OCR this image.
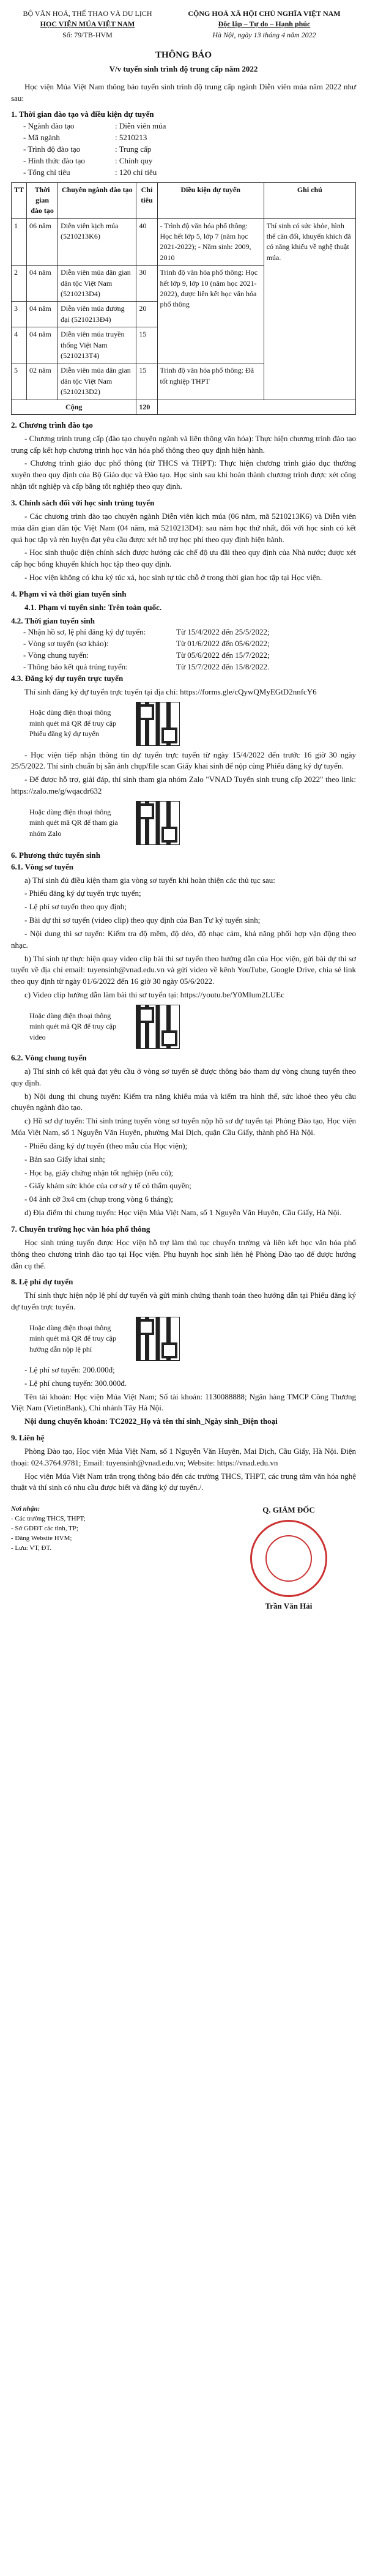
BỘ VĂN HOÁ, THỂ THAO VÀ DU LỊCH
HỌC VIỆN MÚA VIỆT NAM
Số: 79/TB-HVM
CỘNG HOÀ XÃ HỘI CHỦ NGHĨA VIỆT NAM
Độc lập – Tự do – Hạnh phúc
Hà Nội, ngày 13 tháng 4 năm 2022
THÔNG BÁO
V/v tuyển sinh trình độ trung cấp năm 2022

Học viện Múa Việt Nam thông báo tuyển sinh trình độ trung cấp ngành Diễn viên múa năm 2022 như sau:

1. Thời gian đào tạo và điều kiện dự tuyển
- Ngành đào tạo	: Diễn viên múa
- Mã ngành	: 5210213
- Trình độ đào tạo	: Trung cấp
- Hình thức đào tạo	: Chính quy
- Tổng chỉ tiêu	: 120 chỉ tiêu
TT	Thời gian đào tạo	Chuyên ngành đào tạo	Chỉ tiêu	Điều kiện dự tuyển	Ghi chú
1	06 năm	Diễn viên kịch múa (5210213K6)	40	- Trình độ văn hóa phổ thông: Học hết lớp 5, lớp 7 (năm học 2021-2022); - Năm sinh: 2009, 2010	Thí sinh có sức khỏe, hình thể cân đối, khuyến khích đã có năng khiếu về nghệ thuật múa.
2	04 năm	Diễn viên múa dân gian dân tộc Việt Nam (5210213D4)	30	Trình độ văn hóa phổ thông: Học hết lớp 9, lớp 10 (năm học 2021-2022), được liên kết học văn hóa phổ thông	
3	04 năm	Diễn viên múa đương đại (5210213Đ4)	20		
4	04 năm	Diễn viên múa truyền thống Việt Nam (5210213T4)	15		
5	02 năm	Diễn viên múa dân gian dân tộc Việt Nam (5210213D2)	15	Trình độ văn hóa phổ thông: Đã tốt nghiệp THPT	
Cộng			120		
2. Chương trình đào tạo

- Chương trình trung cấp (đào tạo chuyên ngành và liên thông văn hóa): Thực hiện chương trình đào tạo trung cấp kết hợp chương trình học văn hóa phổ thông theo quy định hiện hành.

- Chương trình giáo dục phổ thông (từ THCS và THPT): Thực hiện chương trình giáo dục thường xuyên theo quy định của Bộ Giáo dục và Đào tạo. Học sinh sau khi hoàn thành chương trình được xét công nhận tốt nghiệp và cấp bằng tốt nghiệp theo quy định.

3. Chính sách đối với học sinh trúng tuyển

- Các chương trình đào tạo chuyên ngành Diễn viên kịch múa (06 năm, mã 5210213K6) và Diễn viên múa dân gian dân tộc Việt Nam (04 năm, mã 5210213D4): sau năm học thứ nhất, đối với học sinh có kết quả học tập và rèn luyện đạt yêu cầu được xét hỗ trợ học phí theo quy định hiện hành.

- Học sinh thuộc diện chính sách được hưởng các chế độ ưu đãi theo quy định của Nhà nước; được xét cấp học bổng khuyến khích học tập theo quy định.

- Học viện không có khu ký túc xá, học sinh tự túc chỗ ở trong thời gian học tập tại Học viện.

4. Phạm vi và thời gian tuyển sinh

4.1. Phạm vi tuyển sinh: Trên toàn quốc.

4.2. Thời gian tuyển sinh
- Nhận hồ sơ, lệ phí đăng ký dự tuyển:	Từ 15/4/2022 đến 25/5/2022;
- Vòng sơ tuyển (sơ khảo):	Từ 01/6/2022 đến 05/6/2022;
- Vòng chung tuyển:	Từ 05/6/2022 đến 15/7/2022;
- Thông báo kết quả trúng tuyển:	Từ 15/7/2022 đến 15/8/2022.
4.3. Đăng ký dự tuyển trực tuyến

Thí sinh đăng ký dự tuyển trực tuyến tại địa chỉ: https://forms.gle/cQywQMyEGtD2nnfcY6

Hoặc dùng điện thoại thông minh quét mã QR để truy cập Phiếu đăng ký dự tuyển

- Học viện tiếp nhận thông tin dự tuyển trực tuyến từ ngày 15/4/2022 đến trước 16 giờ 30 ngày 25/5/2022. Thí sinh chuẩn bị sẵn ảnh chụp/file scan Giấy khai sinh để nộp cùng Phiếu đăng ký dự tuyển.

- Để được hỗ trợ, giải đáp, thí sinh tham gia nhóm Zalo "VNAD Tuyển sinh trung cấp 2022" theo link: https://zalo.me/g/wqacdr632

Hoặc dùng điện thoại thông minh quét mã QR để tham gia nhóm Zalo
6. Phương thức tuyển sinh
6.1. Vòng sơ tuyển

a) Thí sinh đủ điều kiện tham gia vòng sơ tuyển khi hoàn thiện các thủ tục sau:

- Phiếu đăng ký dự tuyển trực tuyến;

- Lệ phí sơ tuyển theo quy định;

- Bài dự thi sơ tuyển (video clip) theo quy định của Ban Tư ký tuyển sinh;

- Nội dung thi sơ tuyển: Kiểm tra độ mềm, độ dẻo, độ nhạc cảm, khả năng phối hợp vận động theo nhạc.

b) Thí sinh tự thực hiện quay video clip bài thi sơ tuyển theo hướng dẫn của Học viện, gửi bài dự thi sơ tuyển về địa chỉ email: tuyensinh@vnad.edu.vn và gửi video về kênh YouTube, Google Drive, chia sẻ link theo quy định từ ngày 01/6/2022 đến 16 giờ 30 ngày 05/6/2022.

c) Video clip hướng dẫn làm bài thi sơ tuyển tại: https://youtu.be/Y0Mlum2LUEc

Hoặc dùng điện thoại thông minh quét mã QR để truy cập video
6.2. Vòng chung tuyển

a) Thí sinh có kết quả đạt yêu cầu ở vòng sơ tuyển sẽ được thông báo tham dự vòng chung tuyển theo quy định.

b) Nội dung thi chung tuyển: Kiểm tra năng khiếu múa và kiểm tra hình thể, sức khoẻ theo yêu cầu chuyên ngành đào tạo.

c) Hồ sơ dự tuyển: Thí sinh trúng tuyển vòng sơ tuyển nộp hồ sơ dự tuyển tại Phòng Đào tạo, Học viện Múa Việt Nam, số 1 Nguyễn Văn Huyên, phường Mai Dịch, quận Cầu Giấy, thành phố Hà Nội.

- Phiếu đăng ký dự tuyển (theo mẫu của Học viện);

- Bản sao Giấy khai sinh;

- Học bạ, giấy chứng nhận tốt nghiệp (nếu có);

- Giấy khám sức khỏe của cơ sở y tế có thẩm quyền;

- 04 ảnh cỡ 3x4 cm (chụp trong vòng 6 tháng);

d) Địa điểm thi chung tuyển: Học viện Múa Việt Nam, số 1 Nguyễn Văn Huyên, Cầu Giấy, Hà Nội.

7. Chuyển trường học văn hóa phổ thông

Học sinh trúng tuyển được Học viện hỗ trợ làm thủ tục chuyển trường và liên kết học văn hóa phổ thông theo chương trình đào tạo tại Học viện. Phụ huynh học sinh liên hệ Phòng Đào tạo để được hướng dẫn cụ thể.

8. Lệ phí dự tuyển

Thí sinh thực hiện nộp lệ phí dự tuyển và gửi minh chứng thanh toán theo hướng dẫn tại Phiếu đăng ký dự tuyển trực tuyến.

Hoặc dùng điện thoại thông minh quét mã QR để truy cập hướng dẫn nộp lệ phí

- Lệ phí sơ tuyển: 200.000đ;

- Lệ phí chung tuyển: 300.000đ.

Tên tài khoản: Học viện Múa Việt Nam; Số tài khoản: 1130088888; Ngân hàng TMCP Công Thương Việt Nam (VietinBank), Chi nhánh Tây Hà Nội.

Nội dung chuyển khoản: TC2022_Họ và tên thí sinh_Ngày sinh_Điện thoại

9. Liên hệ

Phòng Đào tạo, Học viện Múa Việt Nam, số 1 Nguyễn Văn Huyên, Mai Dịch, Cầu Giấy, Hà Nội. Điện thoại: 024.3764.9781; Email: tuyensinh@vnad.edu.vn; Website: https://vnad.edu.vn

Học viện Múa Việt Nam trân trọng thông báo đến các trường THCS, THPT, các trung tâm văn hóa nghệ thuật và thí sinh có nhu cầu được biết và đăng ký dự tuyển./.

Nơi nhận:
- Các trường THCS, THPT;
- Sở GDĐT các tỉnh, TP;
- Đăng Website HVM;
- Lưu: VT, ĐT.
Q. GIÁM ĐỐC
Trần Văn Hải
